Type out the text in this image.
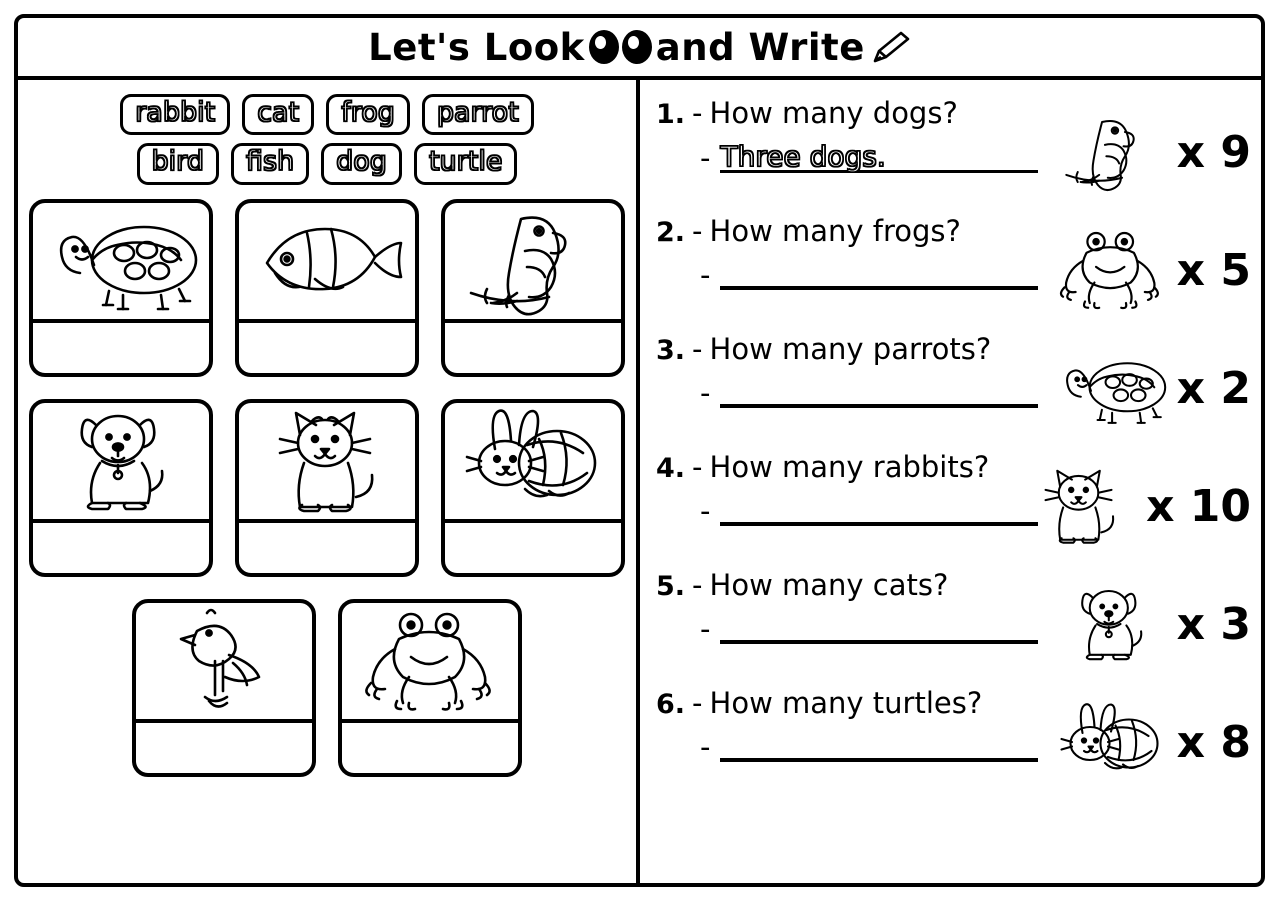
Let's Look and Write
rabbit	cat	frog	parrot
bird	fish	dog	turtle
1. - How many dogs?
- Three dogs.	x 9
2. - How many frogs?
-	x 5
3. - How many parrots?
-	x 2
4. - How many rabbits?
-	x 10
5. - How many cats?
-	x 3
6. - How many turtles?
-	x 8
